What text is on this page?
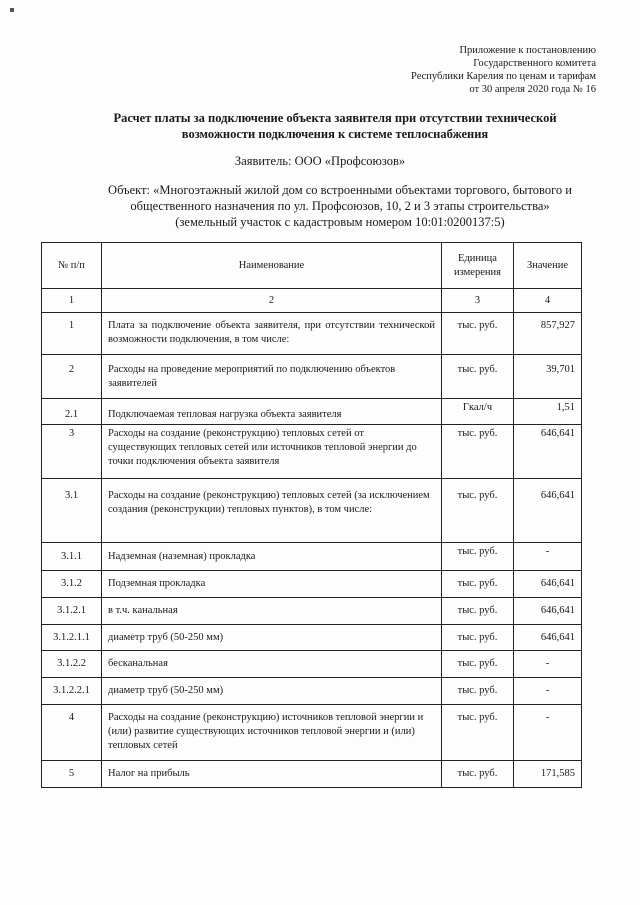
Приложение к постановлению
Государственного комитета
Республики Карелия по ценам и тарифам
от 30 апреля 2020 года № 16
Расчет платы за подключение объекта заявителя при отсутствии технической
возможности подключения к системе теплоснабжения
Заявитель: ООО «Профсоюзов»
Объект: «Многоэтажный жилой дом со встроенными объектами торгового, бытового и
общественного назначения по ул. Профсоюзов, 10, 2 и 3 этапы строительства»
(земельный участок с кадастровым номером 10:01:0200137:5)
№ п/п	Наименование	Единица измерения	Значение
1	2	3	4
1	Плата за подключение объекта заявителя, при отсутствии технической возможности подключения, в том числе:	тыс. руб.	857,927
2	Расходы на проведение мероприятий по подключению объектов заявителей	тыс. руб.	39,701
2.1	Подключаемая тепловая нагрузка объекта заявителя	Гкал/ч	1,51
3	Расходы на создание (реконструкцию) тепловых сетей от существующих тепловых сетей или источников тепловой энергии до точки подключения объекта заявителя	тыс. руб.	646,641
3.1	Расходы на создание (реконструкцию) тепловых сетей (за исключением создания (реконструкции) тепловых пунктов), в том числе:	тыс. руб.	646,641
3.1.1	Надземная (наземная) прокладка	тыс. руб.	-
3.1.2	Подземная прокладка	тыс. руб.	646,641
3.1.2.1	в т.ч. канальная	тыс. руб.	646,641
3.1.2.1.1	диаметр труб (50-250 мм)	тыс. руб.	646,641
3.1.2.2	бесканальная	тыс. руб.	-
3.1.2.2.1	диаметр труб (50-250 мм)	тыс. руб.	-
4	Расходы на создание (реконструкцию) источников тепловой энергии и (или) развитие существующих источников тепловой энергии и (или) тепловых сетей	тыс. руб.	-
5	Налог на прибыль	тыс. руб.	171,585
